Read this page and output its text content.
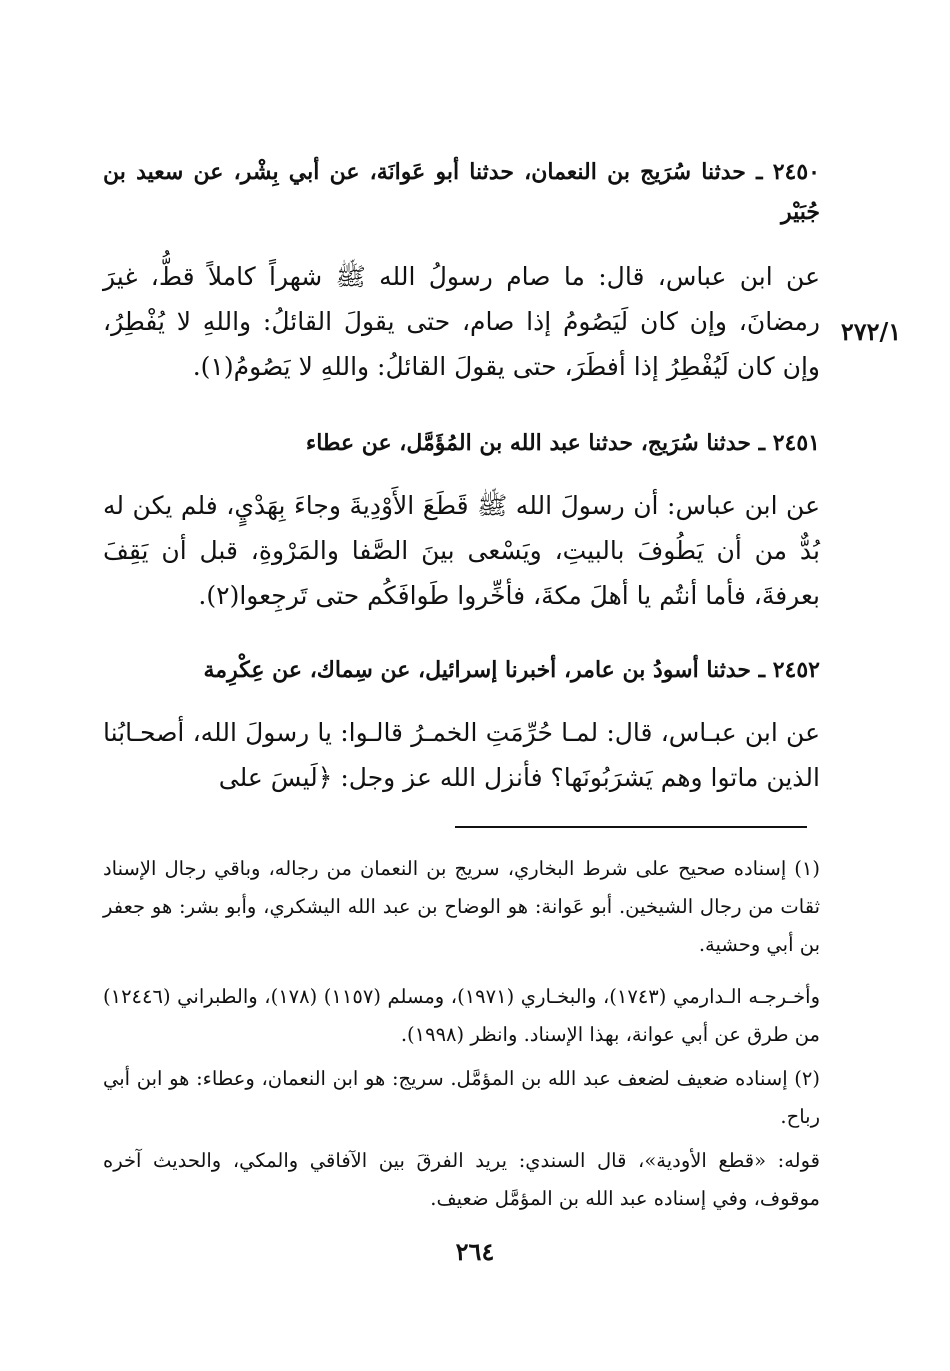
٢٤٥٠ ـ حدثنا سُرَيج بن النعمان، حدثنا أبو عَوانَة، عن أبي بِشْر، عن سعيد بن جُبَيْر
عن ابن عباس، قال: ما صام رسولُ الله ﷺ شهراً كاملاً قطُّ، غيرَ رمضانَ، وإن كان لَيَصُومُ إذا صام، حتى يقولَ القائلُ: واللهِ لا يُفْطِرُ، وإن كان لَيُفْطِرُ إذا أفطَرَ، حتى يقولَ القائلُ: واللهِ لا يَصُومُ(١).
٢٧٢/١
٢٤٥١ ـ حدثنا سُرَيج، حدثنا عبد الله بن المُؤَمَّل، عن عطاء
عن ابن عباس: أن رسولَ الله ﷺ قَطَعَ الأَوْدِيةَ وجاءَ بِهَدْيٍ، فلم يكن له بُدٌّ من أن يَطُوفَ بالبيتِ، ويَسْعى بينَ الصَّفا والمَرْوةِ، قبل أن يَقِفَ بعرفةَ، فأما أنتُم يا أهلَ مكةَ، فأخِّروا طَوافَكُم حتى تَرجِعوا(٢).
٢٤٥٢ ـ حدثنا أسودُ بن عامر، أخبرنا إسرائيل، عن سِماك، عن عِكْرِمة
عن ابن عبـاس، قال: لمـا حُرِّمَتِ الخمـرُ قالـوا: يا رسولَ الله، أصحـابُنا الذين ماتوا وهم يَشرَبُونَها؟ فأنزل الله عز وجل: ﴿لَيسَ على
(١) إسناده صحيح على شرط البخاري، سريج بن النعمان من رجاله، وباقي رجال الإسناد ثقات من رجال الشيخين. أبو عَوانة: هو الوضاح بن عبد الله اليشكري، وأبو بشر: هو جعفر بن أبي وحشية.
وأخـرجـه الـدارمي (١٧٤٣)، والبخـاري (١٩٧١)، ومسلم (١١٥٧) (١٧٨)، والطبراني (١٢٤٤٦) من طرق عن أبي عوانة، بهذا الإسناد. وانظر (١٩٩٨).
(٢) إسناده ضعيف لضعف عبد الله بن المؤمَّل. سريج: هو ابن النعمان، وعطاء: هو ابن أبي رباح.
قوله: «قطع الأودية»، قال السندي: يريد الفرقَ بين الآفاقي والمكي، والحديث آخره موقوف، وفي إسناده عبد الله بن المؤمَّل ضعيف.
٢٦٤
